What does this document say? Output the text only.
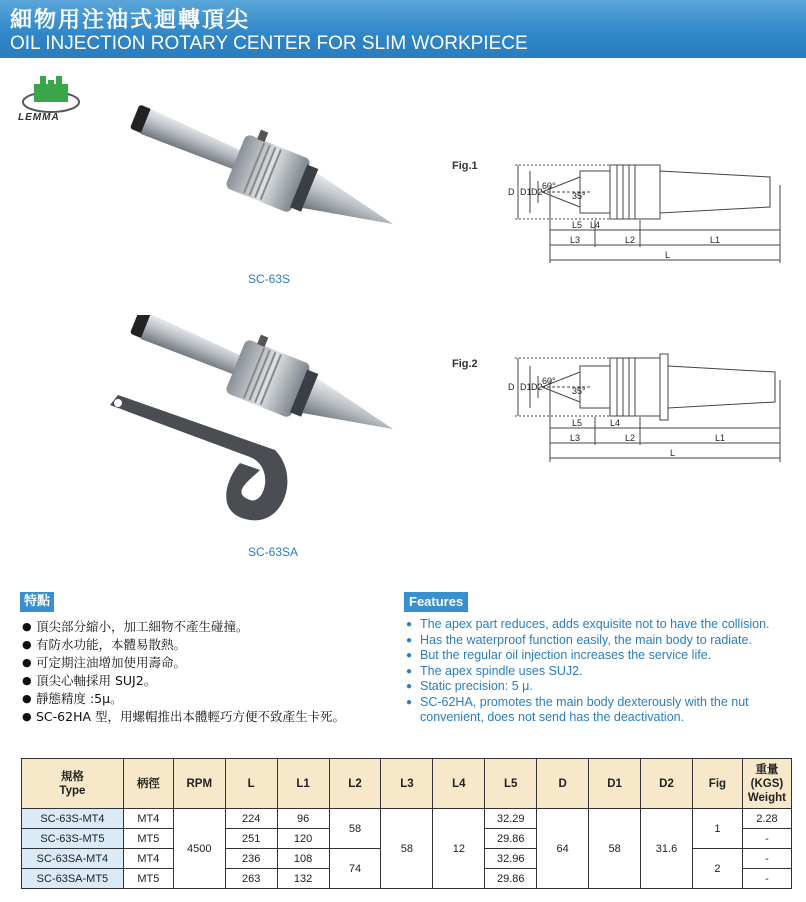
細物用注油式迴轉頂尖
OIL INJECTION ROTARY CENTER FOR SLIM WORKPIECE
LEMMA
SC-63S
SC-63SA
Fig.1
D D1 D2
60°
35°
L5 L4
L3	L2	L1
L
Fig.2
D D1 D2
60°
35°
L5	L4
L3	L2	L1
L
特點
● 頂尖部分縮小，加工細物不產生碰撞。
● 有防水功能，本體易散熱。
● 可定期注油增加使用壽命。
● 頂尖心軸採用 SUJ2。
● 靜態精度 :5μ。
● SC-62HA 型，用螺帽推出本體輕巧方便不致產生卡死。
Features
● The apex part reduces, adds exquisite not to have the collision.
● Has the waterproof function easily, the main body to radiate.
● But the regular oil injection increases the service life.
● The apex spindle uses SUJ2.
● Static precision: 5 μ.
● SC-62HA, promotes the main body dexterously with the nut convenient, does not send has the deactivation.
規格
Type	柄徑	RPM	L	L1	L2	L3	L4	L5	D	D1	D2	Fig	重量
(KGS)
Weight
SC-63S-MT4	MT4	4500	224	96	58	58	12	32.29	64	58	31.6	1	2.28
SC-63S-MT5	MT5		251	120				29.86					-
SC-63SA-MT4	MT4		236	108	74			32.96				2	-
SC-63SA-MT5	MT5		263	132				29.86					-
